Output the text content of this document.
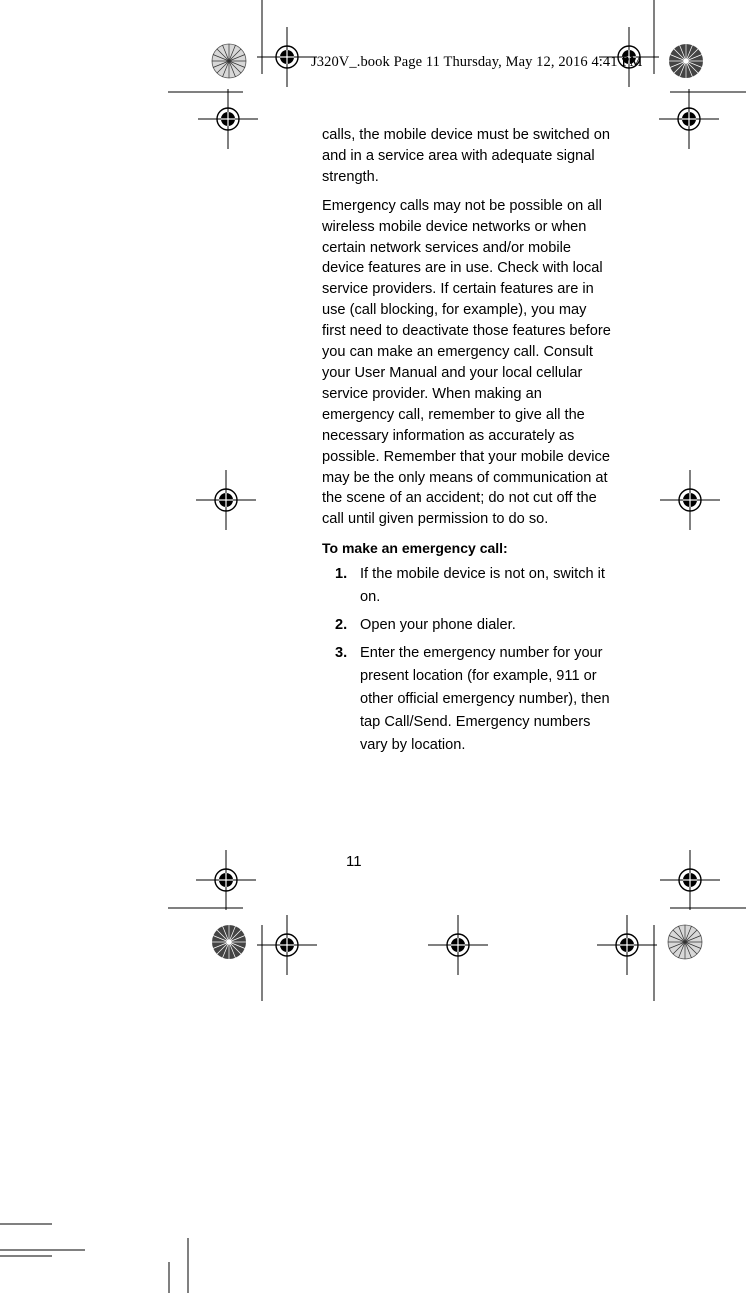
J320V_.book Page 11 Thursday, May 12, 2016 4:41 PM

calls, the mobile device must be switched on and in a service area with adequate signal strength.

Emergency calls may not be possible on all wireless mobile device networks or when certain network services and/or mobile device features are in use. Check with local service providers. If certain features are in use (call blocking, for example), you may first need to deactivate those features before you can make an emergency call. Consult your User Manual and your local cellular service provider. When making an emergency call, remember to give all the necessary information as accurately as possible. Remember that your mobile device may be the only means of communication at the scene of an accident; do not cut off the call until given permission to do so.

To make an emergency call:
1. If the mobile device is not on, switch it on.
2. Open your phone dialer.
3. Enter the emergency number for your present location (for example, 911 or other official emergency number), then tap Call/Send. Emergency numbers vary by location.
11
